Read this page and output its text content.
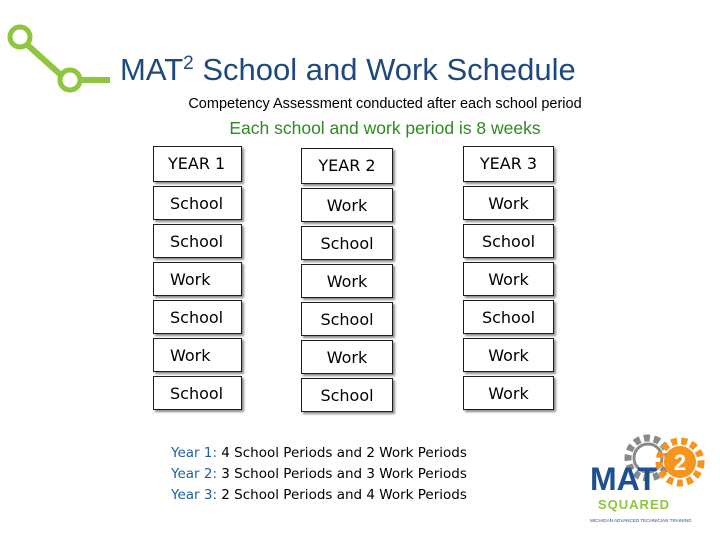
MAT$^2$ School and Work Schedule
Competency Assessment conducted after each school period
Each school and work period is 8 weeks
YEAR 1	YEAR 2	YEAR 3
School	Work	Work
School	School	School
Work	Work	Work
School	School	School
Work	Work	Work
School	School	Work
Year 1: 4 School Periods and 2 Work Periods
Year 2: 3 School Periods and 3 Work Periods
Year 3: 2 School Periods and 4 Work Periods
2
MAT
SQUARED
MICHIGAN ADVANCED TECHNICIAN TRAINING
